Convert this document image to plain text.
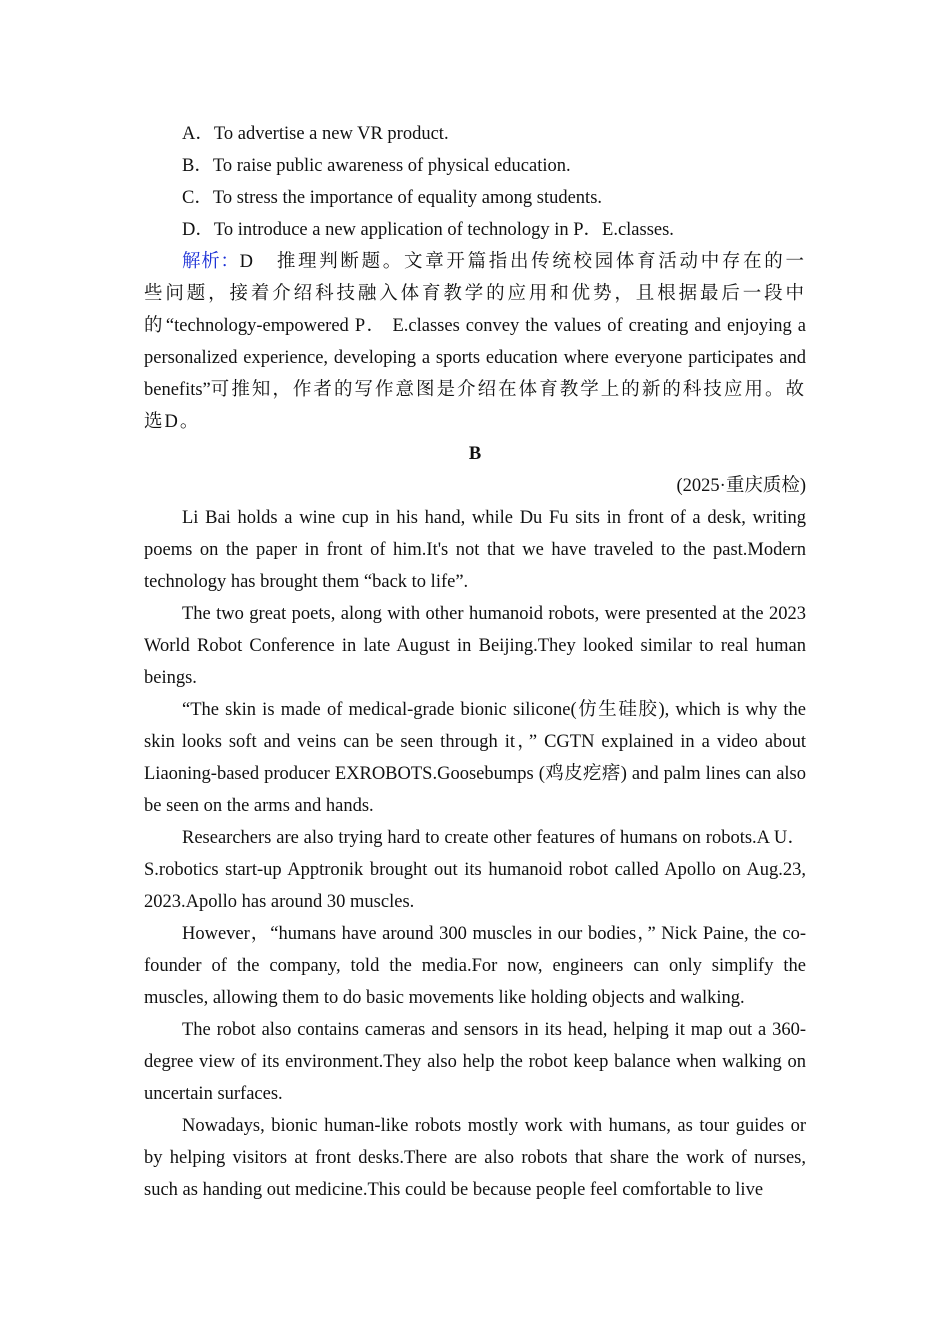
A．To advertise a new VR product.

B．To raise public awareness of physical education.

C．To stress the importance of equality among students.

D．To introduce a new application of technology in P．E.classes.

解析：D　推理判断题。文章开篇指出传统校园体育活动中存在的一些问题，接着介绍科技融入体育教学的应用和优势，且根据最后一段中的“technology-empowered P． E.classes convey the values of creating and enjoying a personalized experience, developing a sports education where everyone participates and benefits”可推知，作者的写作意图是介绍在体育教学上的新的科技应用。故选D。

B

(2025·重庆质检)

Li Bai holds a wine cup in his hand, while Du Fu sits in front of a desk, writing poems on the paper in front of him.It's not that we have traveled to the past.Modern technology has brought them “back to life”.

The two great poets, along with other humanoid robots, were presented at the 2023 World Robot Conference in late August in Beijing.They looked similar to real human beings.

“The skin is made of medical-grade bionic silicone(仿生硅胶), which is why the skin looks soft and veins can be seen through it，” CGTN explained in a video about Liaoning-based producer EXROBOTS.Goosebumps (鸡皮疙瘩) and palm lines can also be seen on the arms and hands.

Researchers are also trying hard to create other features of humans on robots.A U． S.robotics start-up Apptronik brought out its humanoid robot called Apollo on Aug.23, 2023.Apollo has around 30 muscles.

However，“humans have around 300 muscles in our bodies，” Nick Paine, the co-founder of the company, told the media.For now, engineers can only simplify the muscles, allowing them to do basic movements like holding objects and walking.

The robot also contains cameras and sensors in its head, helping it map out a 360-degree view of its environment.They also help the robot keep balance when walking on uncertain surfaces.

Nowadays, bionic human-like robots mostly work with humans, as tour guides or by helping visitors at front desks.There are also robots that share the work of nurses, such as handing out medicine.This could be because people feel comfortable to live
